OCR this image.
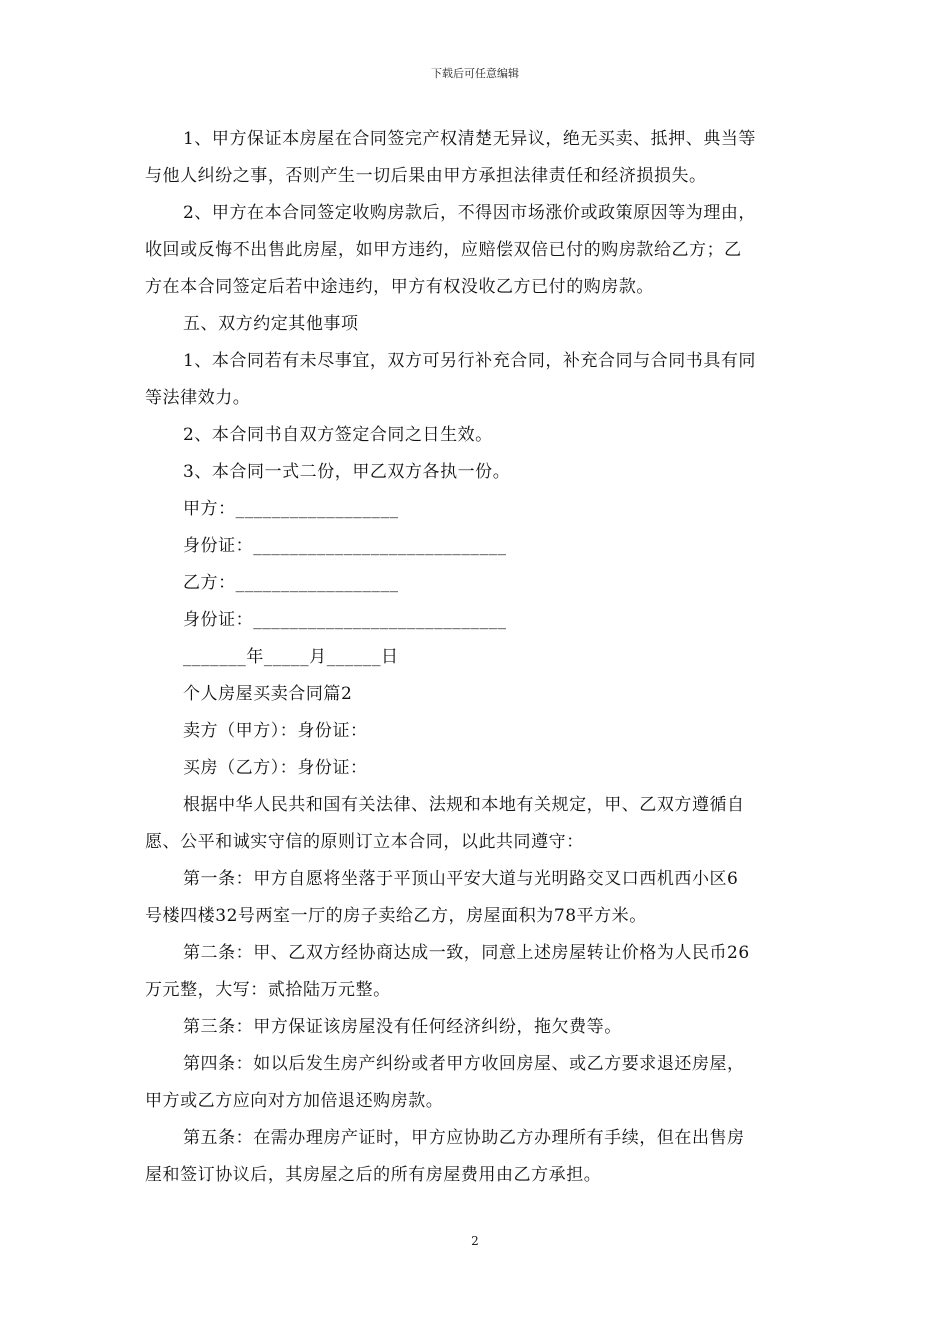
下载后可任意编辑
1、甲方保证本房屋在合同签完产权清楚无异议，绝无买卖、抵押、典当等
与他人纠纷之事，否则产生一切后果由甲方承担法律责任和经济损损失。
2、甲方在本合同签定收购房款后，不得因市场涨价或政策原因等为理由，
收回或反悔不出售此房屋，如甲方违约，应赔偿双倍已付的购房款给乙方；乙
方在本合同签定后若中途违约，甲方有权没收乙方已付的购房款。
五、双方约定其他事项
1、本合同若有未尽事宜，双方可另行补充合同，补充合同与合同书具有同
等法律效力。
2、本合同书自双方签定合同之日生效。
3、本合同一式二份，甲乙双方各执一份。
甲方：__________________
身份证：____________________________
乙方：__________________
身份证：____________________________
_______年_____月______日
个人房屋买卖合同篇2
卖方（甲方）：身份证：
买房（乙方）：身份证：
根据中华人民共和国有关法律、法规和本地有关规定，甲、乙双方遵循自
愿、公平和诚实守信的原则订立本合同，以此共同遵守：
第一条：甲方自愿将坐落于平顶山平安大道与光明路交叉口西机西小区6
号楼四楼32号两室一厅的房子卖给乙方，房屋面积为78平方米。
第二条：甲、乙双方经协商达成一致，同意上述房屋转让价格为人民币26
万元整，大写：贰拾陆万元整。
第三条：甲方保证该房屋没有任何经济纠纷，拖欠费等。
第四条：如以后发生房产纠纷或者甲方收回房屋、或乙方要求退还房屋，
甲方或乙方应向对方加倍退还购房款。
第五条：在需办理房产证时，甲方应协助乙方办理所有手续，但在出售房
屋和签订协议后，其房屋之后的所有房屋费用由乙方承担。
2
